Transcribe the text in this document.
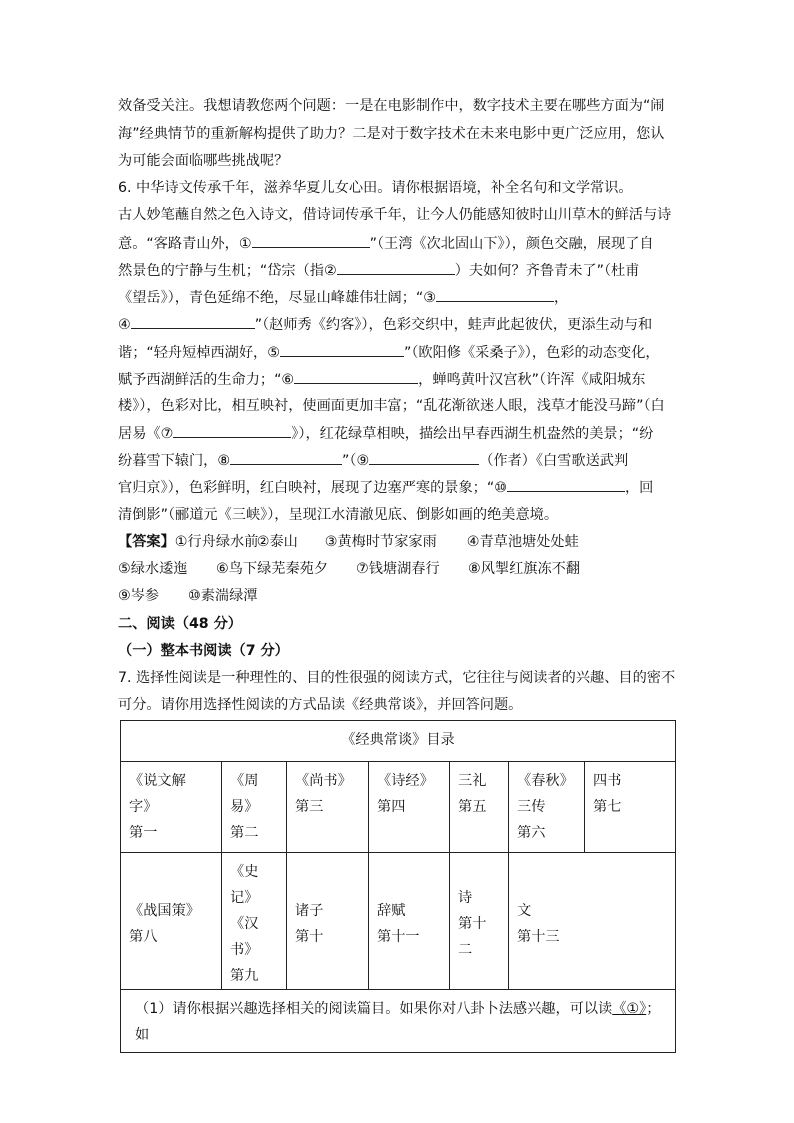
效备受关注。我想请教您两个问题：一是在电影制作中，数字技术主要在哪些方面为“闹
海”经典情节的重新解构提供了助力？二是对于数字技术在未来电影中更广泛应用，您认
为可能会面临哪些挑战呢？
6. 中华诗文传承千年，滋养华夏儿女心田。请你根据语境，补全名句和文学常识。
古人妙笔蘸自然之色入诗文，借诗词传承千年，让今人仍能感知彼时山川草木的鲜活与诗
意。“客路青山外，①	”（王湾《次北固山下》），颜色交融，展现了自
然景色的宁静与生机；“岱宗（指②	）夫如何？齐鲁青未了”（杜甫
《望岳》），青色延绵不绝，尽显山峰雄伟壮阔；“③	，
④	”（赵师秀《约客》），色彩交织中，蛙声此起彼伏，更添生动与和
谐；“轻舟短棹西湖好，⑤	”（欧阳修《采桑子》），色彩的动态变化，
赋予西湖鲜活的生命力；“⑥	，蝉鸣黄叶汉宫秋”（许浑《咸阳城东
楼》），色彩对比，相互映衬，使画面更加丰富；“乱花渐欲迷人眼，浅草才能没马蹄”（白
居易《⑦	》），红花绿草相映，描绘出早春西湖生机盎然的美景；“纷
纷暮雪下辕门，⑧	”（⑨	（作者）《白雪歌送武判
官归京》），色彩鲜明，红白映衬，展现了边塞严寒的景象；“⑩	，回
清倒影”（郦道元《三峡》），呈现江水清澈见底、倒影如画的绝美意境。
【答案】①行舟绿水前②泰山 ③黄梅时节家家雨 ④青草池塘处处蛙
⑤绿水逶迤 ⑥鸟下绿芜秦苑夕 ⑦钱塘湖春行 ⑧风掣红旗冻不翻
⑨岑参 ⑩素湍绿潭
二、阅读（48 分）
（一）整本书阅读（7 分）
7. 选择性阅读是一种理性的、目的性很强的阅读方式，它往往与阅读者的兴趣、目的密不
可分。请你用选择性阅读的方式品读《经典常谈》，并回答问题。
《经典常谈》目录						
《说文解
字》
第一	《周
易》
第二	《尚书》
第三	《诗经》
第四	三礼
第五	《春秋》
三传
第六	四书
第七
《战国策》
第八	《史记》
《汉
书》
第九	诸子
第十	辞赋
第十一	诗
第十二	文
第十三	
（1）请你根据兴趣选择相关的阅读篇目。如果你对八卦卜法感兴趣，可以读《①》；如						
